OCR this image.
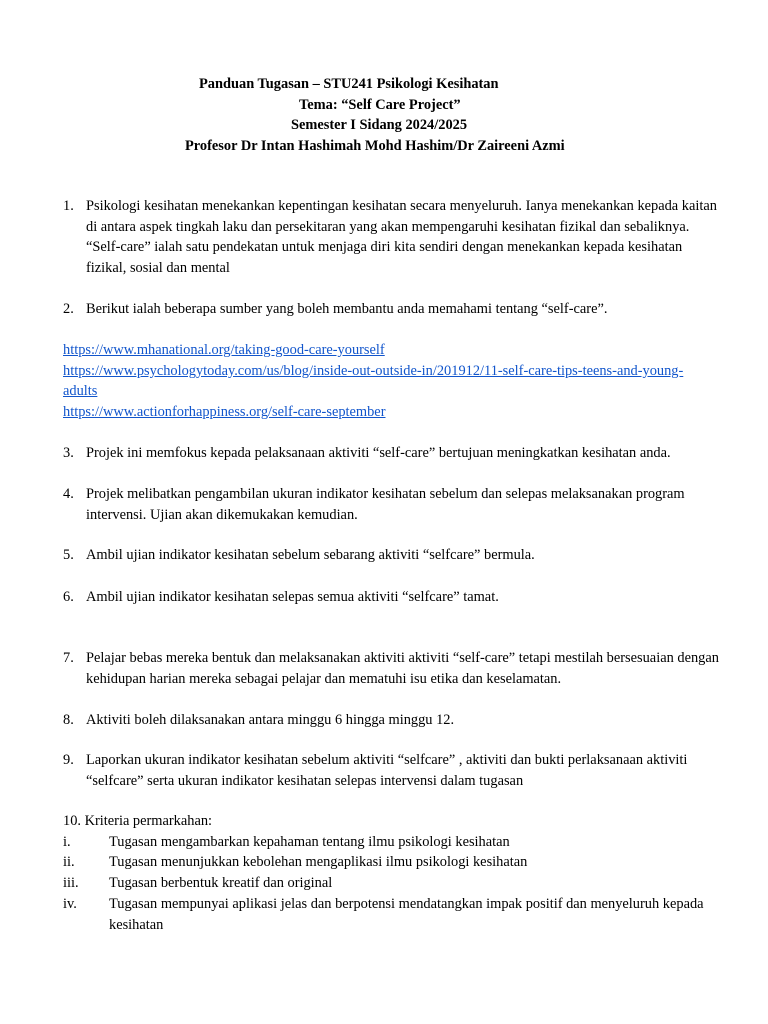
Panduan Tugasan – STU241 Psikologi Kesihatan
Tema: “Self Care Project”
Semester I Sidang 2024/2025
Profesor Dr Intan Hashimah Mohd Hashim/Dr Zaireeni Azmi
1. Psikologi kesihatan menekankan kepentingan kesihatan secara menyeluruh. Ianya menekankan kepada kaitan di antara aspek tingkah laku dan persekitaran yang akan mempengaruhi kesihatan fizikal dan sebaliknya. “Self-care” ialah satu pendekatan untuk menjaga diri kita sendiri dengan menekankan kepada kesihatan fizikal, sosial dan mental
2. Berikut ialah beberapa sumber yang boleh membantu anda memahami tentang “self-care”.
https://www.mhanational.org/taking-good-care-yourself
https://www.psychologytoday.com/us/blog/inside-out-outside-in/201912/11-self-care-tips-teens-and-young-adults
https://www.actionforhappiness.org/self-care-september
3. Projek ini memfokus kepada pelaksanaan aktiviti “self-care” bertujuan meningkatkan kesihatan anda.
4. Projek melibatkan pengambilan ukuran indikator kesihatan sebelum dan selepas melaksanakan program intervensi. Ujian akan dikemukakan kemudian.
5. Ambil ujian indikator kesihatan sebelum sebarang aktiviti “selfcare” bermula.
6. Ambil ujian indikator kesihatan selepas semua aktiviti “selfcare” tamat.
7. Pelajar bebas mereka bentuk dan melaksanakan aktiviti aktiviti “self-care” tetapi mestilah bersesuaian dengan kehidupan harian mereka sebagai pelajar dan mematuhi isu etika dan keselamatan.
8. Aktiviti boleh dilaksanakan antara minggu 6 hingga minggu 12.
9. Laporkan ukuran indikator kesihatan sebelum aktiviti “selfcare” , aktiviti dan bukti perlaksanaan aktiviti “selfcare” serta ukuran indikator kesihatan selepas intervensi dalam tugasan
10. Kriteria permarkahan:
i.	Tugasan mengambarkan kepahaman tentang ilmu psikologi kesihatan
ii. Tugasan menunjukkan kebolehan mengaplikasi ilmu psikologi kesihatan
iii. Tugasan berbentuk kreatif dan original
iv. Tugasan mempunyai aplikasi jelas dan berpotensi mendatangkan impak positif dan menyeluruh kepada kesihatan
